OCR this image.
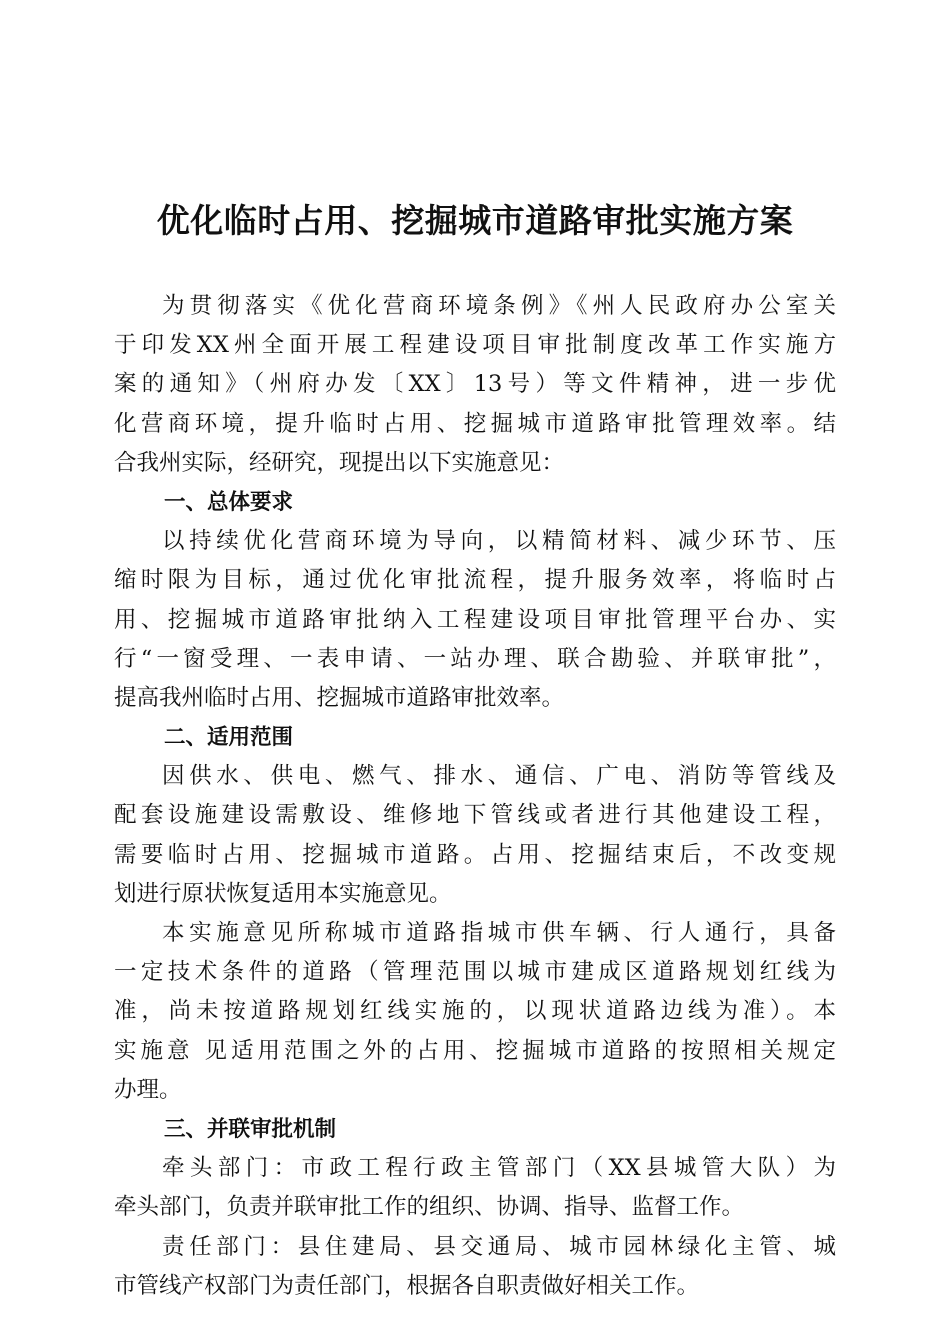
优化临时占用、挖掘城市道路审批实施方案
为贯彻落实《优化营商环境条例》《州人民政府办公室关
于印发XX州全面开展工程建设项目审批制度改革工作实施方
案的通知》（州府办发〔XX〕13号）等文件精神，进一步优
化营商环境，提升临时占用、挖掘城市道路审批管理效率。结
合我州实际，经研究，现提出以下实施意见：
一、总体要求
以持续优化营商环境为导向，以精简材料、减少环节、压
缩时限为目标，通过优化审批流程，提升服务效率，将临时占
用、挖掘城市道路审批纳入工程建设项目审批管理平台办、实
行“一窗受理、一表申请、一站办理、联合勘验、并联审批”，
提高我州临时占用、挖掘城市道路审批效率。
二、适用范围
因供水、供电、燃气、排水、通信、广电、消防等管线及
配套设施建设需敷设、维修地下管线或者进行其他建设工程，
需要临时占用、挖掘城市道路。占用、挖掘结束后，不改变规
划进行原状恢复适用本实施意见。
本实施意见所称城市道路指城市供车辆、行人通行，具备
一定技术条件的道路（管理范围以城市建成区道路规划红线为
准，尚未按道路规划红线实施的，以现状道路边线为准）。本
实施意 见适用范围之外的占用、挖掘城市道路的按照相关规定
办理。
三、并联审批机制
牵头部门：市政工程行政主管部门（XX县城管大队）为
牵头部门，负责并联审批工作的组织、协调、指导、监督工作。
责任部门：县住建局、县交通局、城市园林绿化主管、城
市管线产权部门为责任部门，根据各自职责做好相关工作。
